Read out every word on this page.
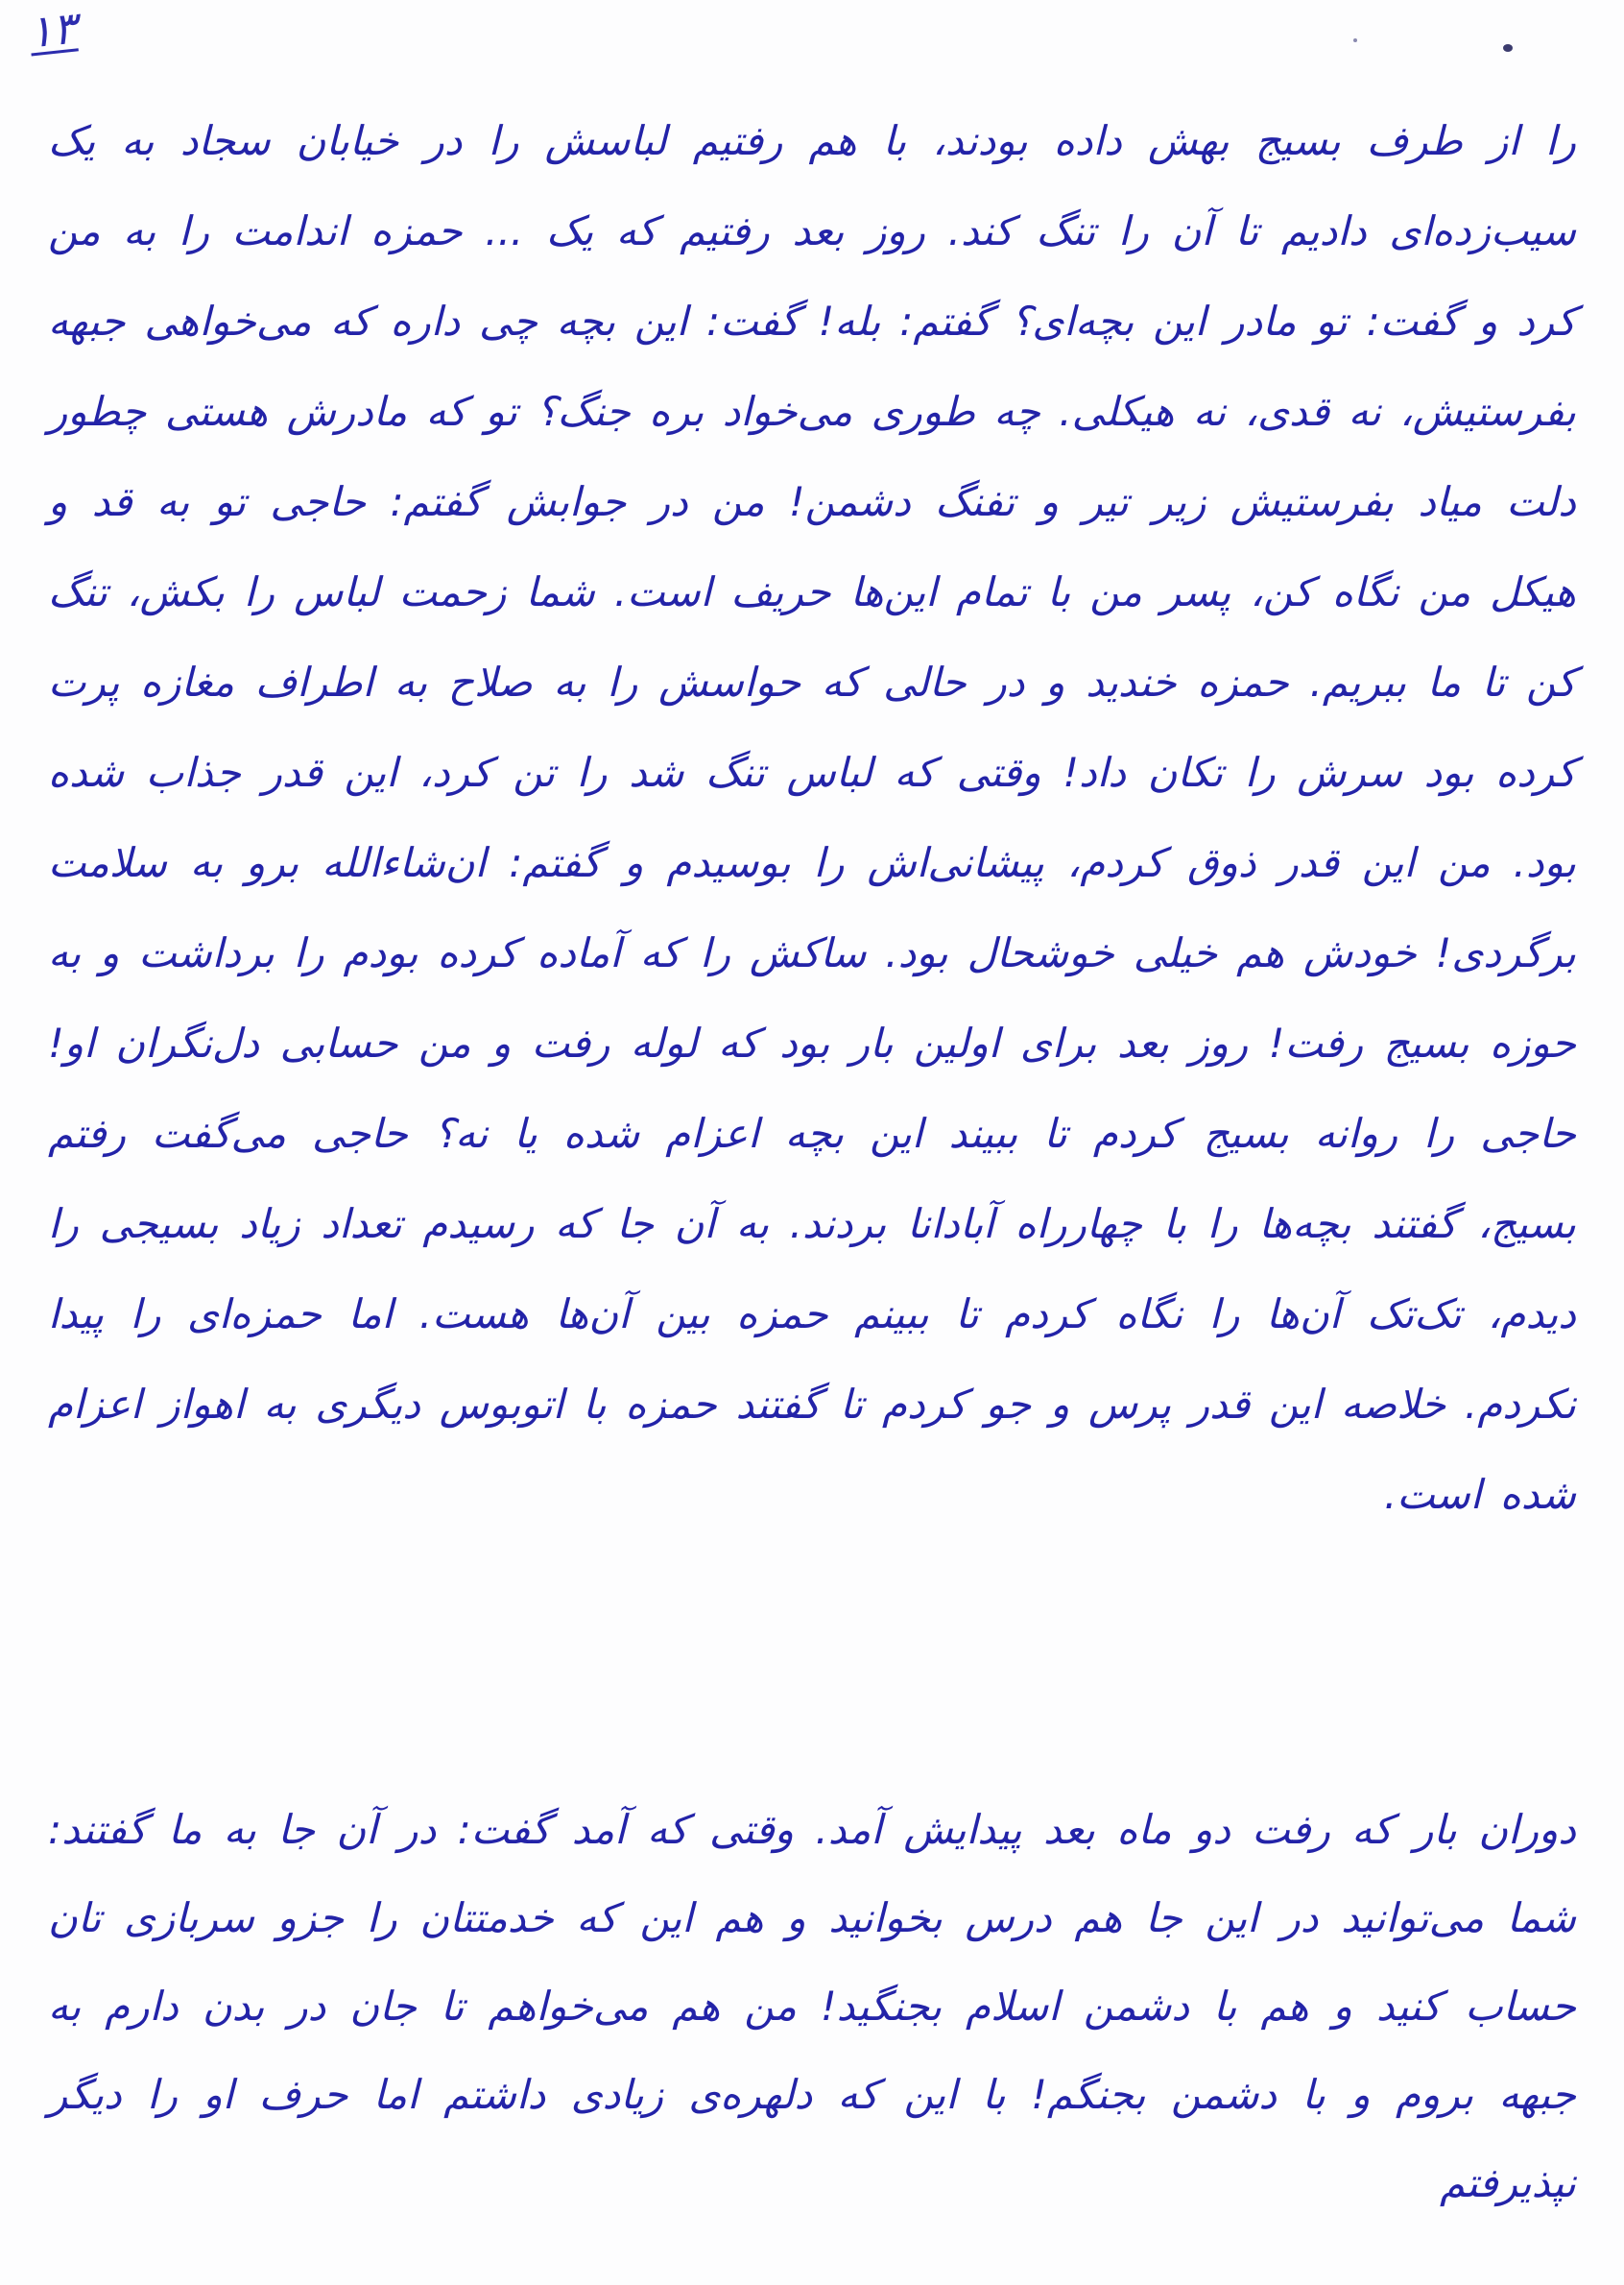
۱۳

را از طرف بسیج بهش داده بودند، با هم رفتیم لباسش را در خیابان سجاد به یک سیب‌زده‌ای دادیم تا آن را تنگ کند. روز بعد رفتیم که یک ... حمزه اندامت را به من کرد و گفت: تو مادر این بچه‌ای؟ گفتم: بله! گفت: این بچه چی داره که می‌خواهی جبهه بفرستیش، نه قدی، نه هیکلی. چه طوری می‌خواد بره جنگ؟ تو که مادرش هستی چطور دلت میاد بفرستیش زیر تیر و تفنگ دشمن! من در جوابش گفتم: حاجی تو به قد و هیکل من نگاه کن، پسر من با تمام این‌ها حریف است. شما زحمت لباس را بکش، تنگ کن تا ما ببریم. حمزه خندید و در حالی که حواسش را به صلاح به اطراف مغازه پرت کرده بود سرش را تکان داد! وقتی که لباس تنگ شد را تن کرد، این قدر جذاب شده بود. من این قدر ذوق کردم، پیشانی‌اش را بوسیدم و گفتم: ان‌شاءالله برو به سلامت برگردی! خودش هم خیلی خوشحال بود. ساکش را که آماده کرده بودم را برداشت و به حوزه بسیج رفت! روز بعد برای اولین بار بود که لوله رفت و من حسابی دل‌نگران او! حاجی را روانه بسیج کردم تا ببیند این بچه اعزام شده یا نه؟ حاجی می‌گفت رفتم بسیج، گفتند بچه‌ها را با چهارراه آبادانا بردند. به آن جا که رسیدم تعداد زیاد بسیجی را دیدم، تک‌تک آن‌ها را نگاه کردم تا ببینم حمزه بین آن‌ها هست. اما حمزه‌ای را پیدا نکردم. خلاصه این قدر پرس و جو کردم تا گفتند حمزه با اتوبوس دیگری به اهواز اعزام شده است.

دوران بار که رفت دو ماه بعد پیدایش آمد. وقتی که آمد گفت: در آن جا به ما گفتند: شما می‌توانید در این جا هم درس بخوانید و هم این که خدمتتان را جزو سربازی تان حساب کنید و هم با دشمن اسلام بجنگید! من هم می‌خواهم تا جان در بدن دارم به جبهه بروم و با دشمن بجنگم! با این که دلهره‌ی زیادی داشتم اما حرف او را دیگر نپذیرفتم
